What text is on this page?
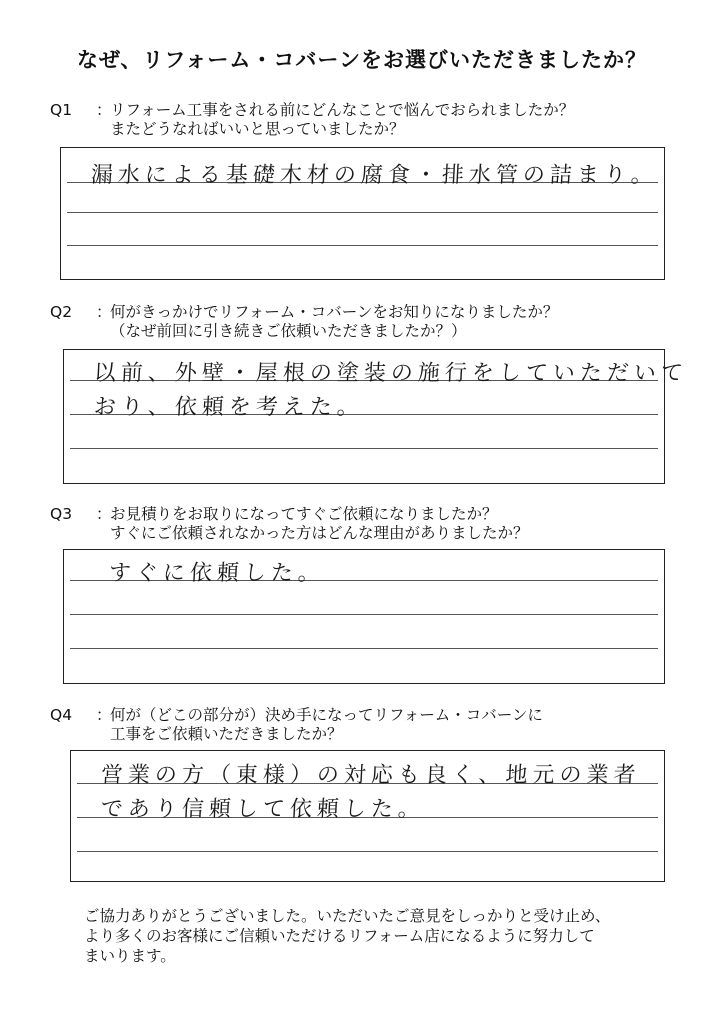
なぜ、リフォーム・コバーンをお選びいただきましたか？
Q1	：
リフォーム工事をされる前にどんなことで悩んでおられましたか？
またどうなればいいと思っていましたか？
漏水による基礎木材の腐食・排水管の詰まり。
Q2	：
何がきっかけでリフォーム・コバーンをお知りになりましたか？
（なぜ前回に引き続きご依頼いただきましたか？）
以前、外壁・屋根の塗装の施行をしていただいて
おり、依頼を考えた。
Q3	：
お見積りをお取りになってすぐご依頼になりましたか？
すぐにご依頼されなかった方はどんな理由がありましたか？
すぐに依頼した。
Q4	：
何が（どこの部分が）決め手になってリフォーム・コバーンに
工事をご依頼いただきましたか？
営業の方（東様）の対応も良く、地元の業者
であり信頼して依頼した。
ご協力ありがとうございました。いただいたご意見をしっかりと受け止め、
より多くのお客様にご信頼いただけるリフォーム店になるように努力して
まいります。
